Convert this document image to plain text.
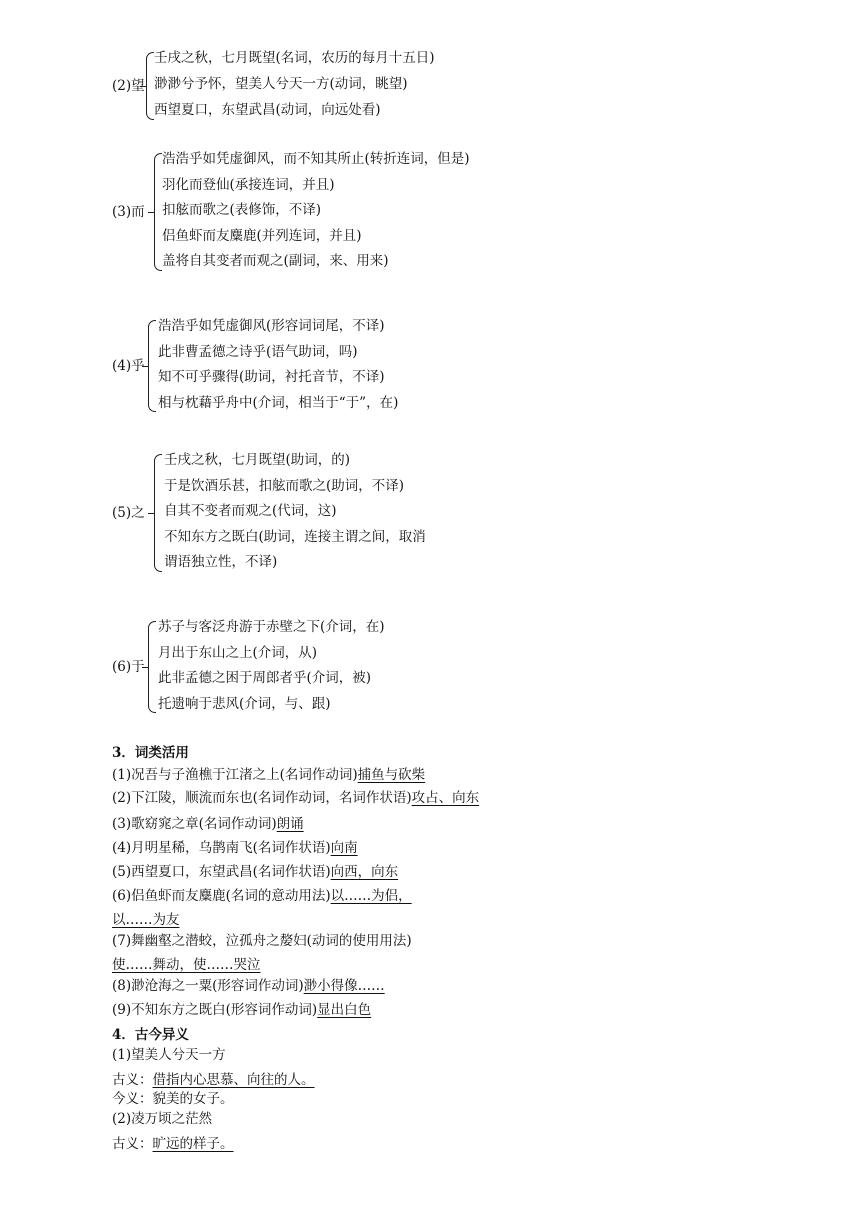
(2)望
壬戌之秋，七月既望(名词，农历的每月十五日)
渺渺兮予怀，望美人兮天一方(动词，眺望)
西望夏口，东望武昌(动词，向远处看)
(3)而
浩浩乎如凭虚御风，而不知其所止(转折连词，但是)
羽化而登仙(承接连词，并且)
扣舷而歌之(表修饰，不译)
侣鱼虾而友麋鹿(并列连词，并且)
盖将自其变者而观之(副词，来、用来)
(4)乎
浩浩乎如凭虚御风(形容词词尾，不译)
此非曹孟德之诗乎(语气助词，吗)
知不可乎骤得(助词，衬托音节，不译)
相与枕藉乎舟中(介词，相当于“于”，在)
(5)之
壬戌之秋，七月既望(助词，的)
于是饮酒乐甚，扣舷而歌之(助词，不译)
自其不变者而观之(代词，这)
不知东方之既白(助词，连接主谓之间，取消
谓语独立性，不译)
(6)于
苏子与客泛舟游于赤壁之下(介词，在)
月出于东山之上(介词，从)
此非孟德之困于周郎者乎(介词，被)
托遗响于悲风(介词，与、跟)
3．词类活用
(1)况吾与子渔樵于江渚之上(名词作动词)捕鱼与砍柴
(2)下江陵，顺流而东也(名词作动词，名词作状语)攻占、向东
(3)歌窈窕之章(名词作动词)朗诵
(4)月明星稀，乌鹊南飞(名词作状语)向南
(5)西望夏口，东望武昌(名词作状语)向西，向东
(6)侣鱼虾而友麋鹿(名词的意动用法)以……为侣，
以……为友
(7)舞幽壑之潜蛟，泣孤舟之嫠妇(动词的使用用法)
使……舞动，使……哭泣
(8)渺沧海之一粟(形容词作动词)渺小得像……
(9)不知东方之既白(形容词作动词)显出白色
4．古今异义
(1)望美人兮天一方
古义：借指内心思慕、向往的人。
今义：貌美的女子。
(2)凌万顷之茫然
古义：旷远的样子。
